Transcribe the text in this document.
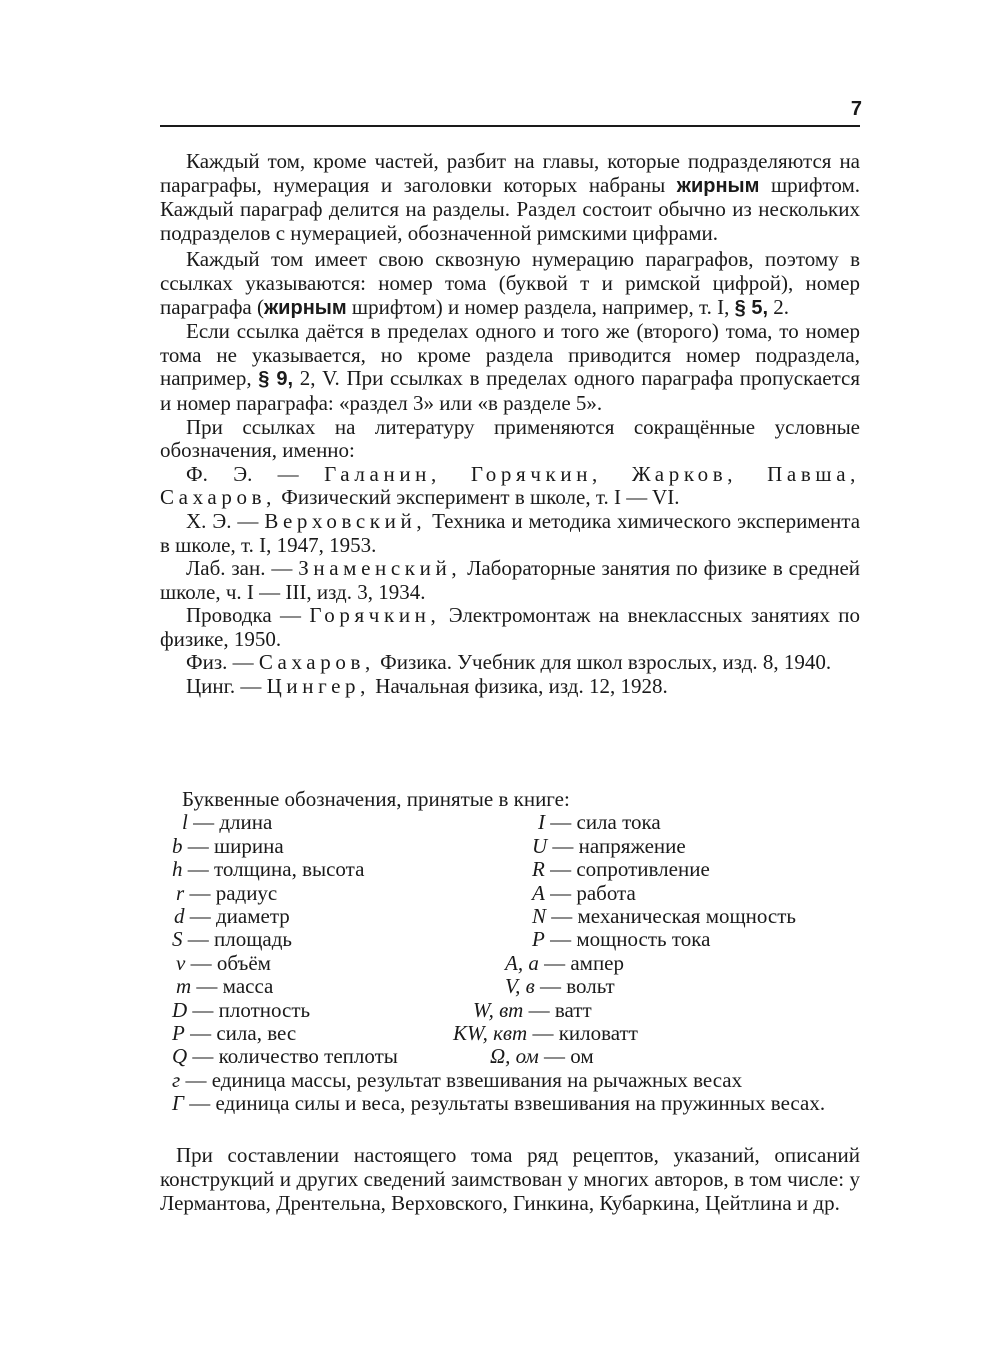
7

Каждый том, кроме частей, разбит на главы, которые подразделяются на параграфы, нумерация и заголовки которых набраны жирным шрифтом. Каждый параграф делится на разделы. Раздел состоит обычно из нескольких подразделов с нумерацией, обозначенной римскими цифрами.

Каждый том имеет свою сквозную нумерацию параграфов, поэтому в ссылках указываются: номер тома (буквой т и римской цифрой), номер параграфа (жирным шрифтом) и номер раздела, например, т. I, § 5, 2.

Если ссылка даётся в пределах одного и того же (второго) тома, то номер тома не указывается, но кроме раздела приводится номер подраздела, например, § 9, 2, V. При ссылках в пределах одного параграфа пропускается и номер параграфа: «раздел 3» или «в разделе 5».

При ссылках на литературу применяются сокращённые условные обозначения, именно:

Ф. Э. — Галанин, Горячкин, Жарков, Павша, Сахаров, Физический эксперимент в школе, т. I — VI.

Х. Э. — Верховский, Техника и методика химического эксперимента в школе, т. I, 1947, 1953.

Лаб. зан. — Знаменский, Лабораторные занятия по физике в средней школе, ч. I — III, изд. 3, 1934.

Проводка — Горячкин, Электромонтаж на внеклассных занятиях по физике, 1950.

Физ. — Сахаров, Физика. Учебник для школ взрослых, изд. 8, 1940.

Цинг. — Цингер, Начальная физика, изд. 12, 1928.

Буквенные обозначения, принятые в книге:
l — длина	I — сила тока
b — ширина	U — напряжение
h — толщина, высота	R — сопротивление
r — радиус	A — работа
d — диаметр	N — механическая мощность
S — площадь	P — мощность тока
v — объём	A, a — ампер
m — масса	V, в — вольт
D — плотность	W, вт — ватт
P — сила, вес	KW, квт — киловатт
Q — количество теплоты	Ω, ом — ом
г — единица массы, результат взвешивания на рычажных весах
Г — единица силы и веса, результаты взвешивания на пружинных весах.

При составлении настоящего тома ряд рецептов, указаний, описаний конструкций и других сведений заимствован у многих авторов, в том числе: у Лермантова, Дрентельна, Верховского, Гинкина, Кубаркина, Цейтлина и др.
